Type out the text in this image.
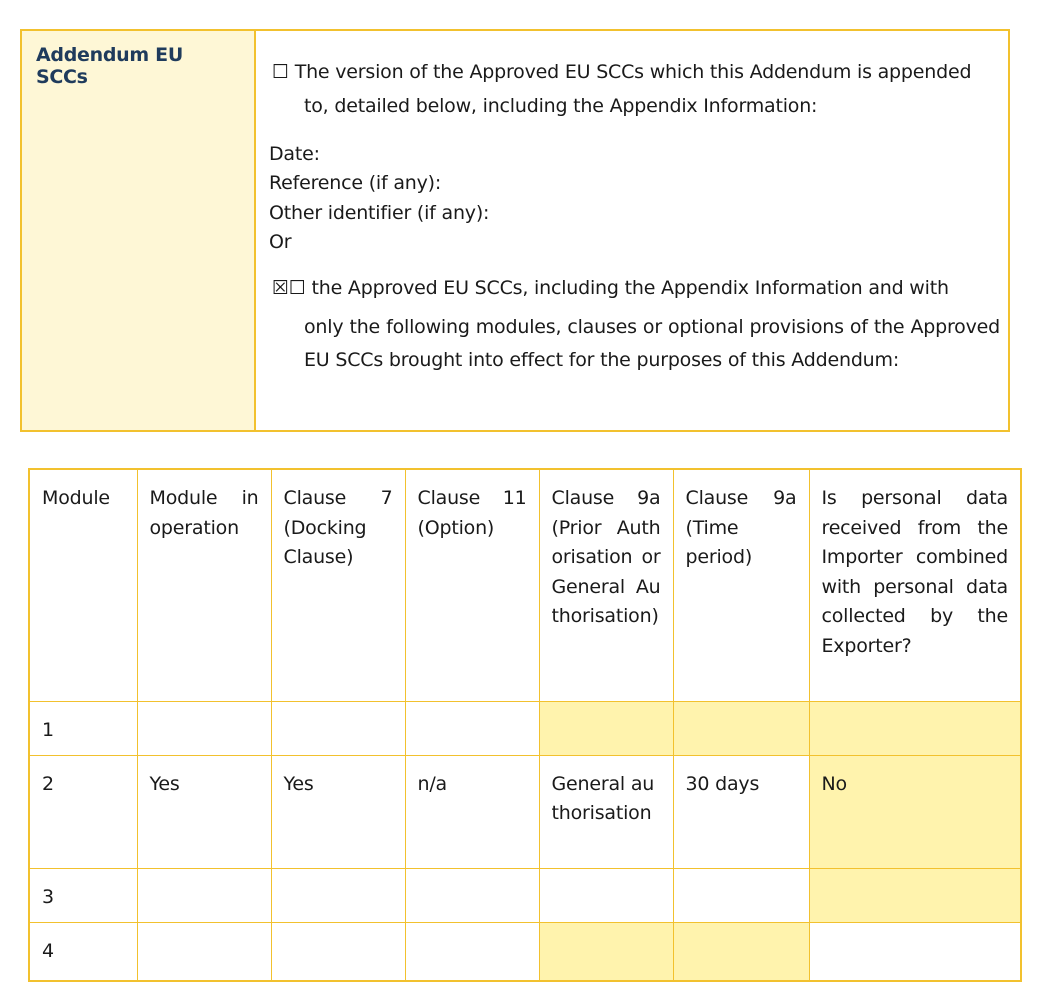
Addendum EU SCCs	☐ The version of the Approved EU SCCs which this Addendum is appended
to, detailed below, including the Appendix Information:
Date:
Reference (if any):
Other identifier (if any):
Or
☒☐ the Approved EU SCCs, including the Appendix Information and with
only the following modules, clauses or optional provisions of the Approved EU SCCs brought into effect for the purposes of this Addendum:
Module	Module in operation	Clause 7 (Docking Clause)	Clause 11 (Option)	Clause 9a (Prior Authorisation or General Authorisation)	Clause 9a (Time period)	Is personal data received from the Importer combined with personal data collected by the Exporter?
1						
2	Yes	Yes	n/a	General authorisation	30 days	No
3						
4						
